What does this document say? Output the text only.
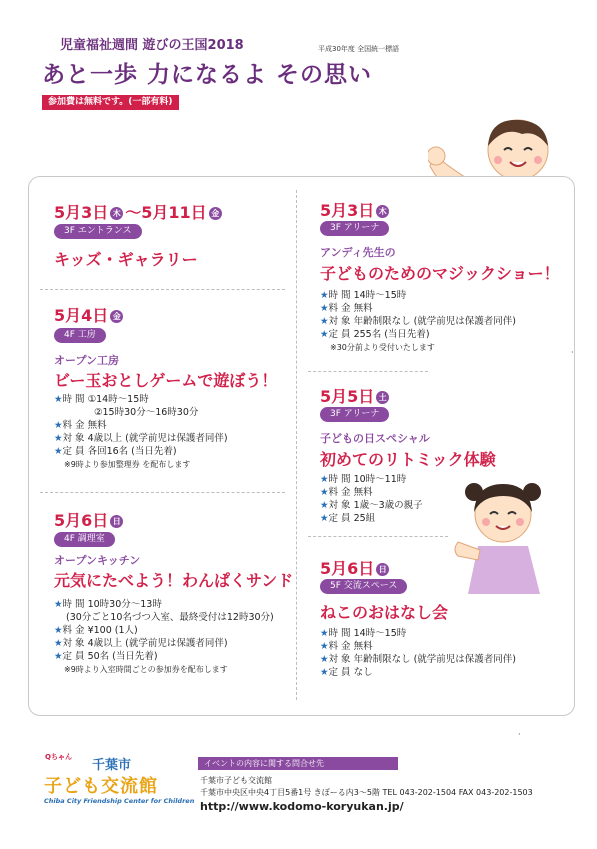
児童福祉週間 遊びの王国2018	平成30年度 全国統一標語
あと一歩 力になるよ その思い
参加費は無料です。(一部有料)
5月3日 木 ～5月11日 金
3F エントランス
キッズ・ギャラリー
5月4日 金
4F 工房
オープン工房
ビー玉おとしゲームで遊ぼう！
★時 間 ①14時～15時
②15時30分～16時30分
★料 金 無料
★対 象 4歳以上 (就学前児は保護者同伴)
★定 員 各回16名 (当日先着)
※9時より参加整理券 を配布します
5月6日 日
4F 調理室
オープンキッチン
元気にたべよう！わんぱくサンド
★時 間 10時30分～13時
(30分ごと10名づつ入室、最終受付は12時30分)
★料 金 ¥100 (1人)
★対 象 4歳以上 (就学前児は保護者同伴)
★定 員 50名 (当日先着)
※9時より入室時間ごとの参加券を配布します
5月3日 木
3F アリーナ
アンディ先生の
子どものためのマジックショー！
★時 間 14時～15時
★料 金 無料
★対 象 年齢制限なし (就学前児は保護者同伴)
★定 員 255名 (当日先着)
※30分前より受付いたします
5月5日 土
3F アリーナ
子どもの日スペシャル
初めてのリトミック体験
★時 間 10時～11時
★料 金 無料
★対 象 1歳～3歳の親子
★定 員 25組
5月6日 日
5F 交流スペース
ねこのおはなし会
★時 間 14時～15時
★料 金 無料
★対 象 年齢制限なし (就学前児は保護者同伴)
★定 員 なし
·
·
Qちゃん
千葉市
子ども交流館
Chiba City Friendship Center for Children
イベントの内容に関する問合せ先
千葉市子ども交流館
千葉市中央区中央4丁目5番1号 きぼーる内3～5階 TEL 043-202-1504 FAX 043-202-1503
http://www.kodomo-koryukan.jp/
